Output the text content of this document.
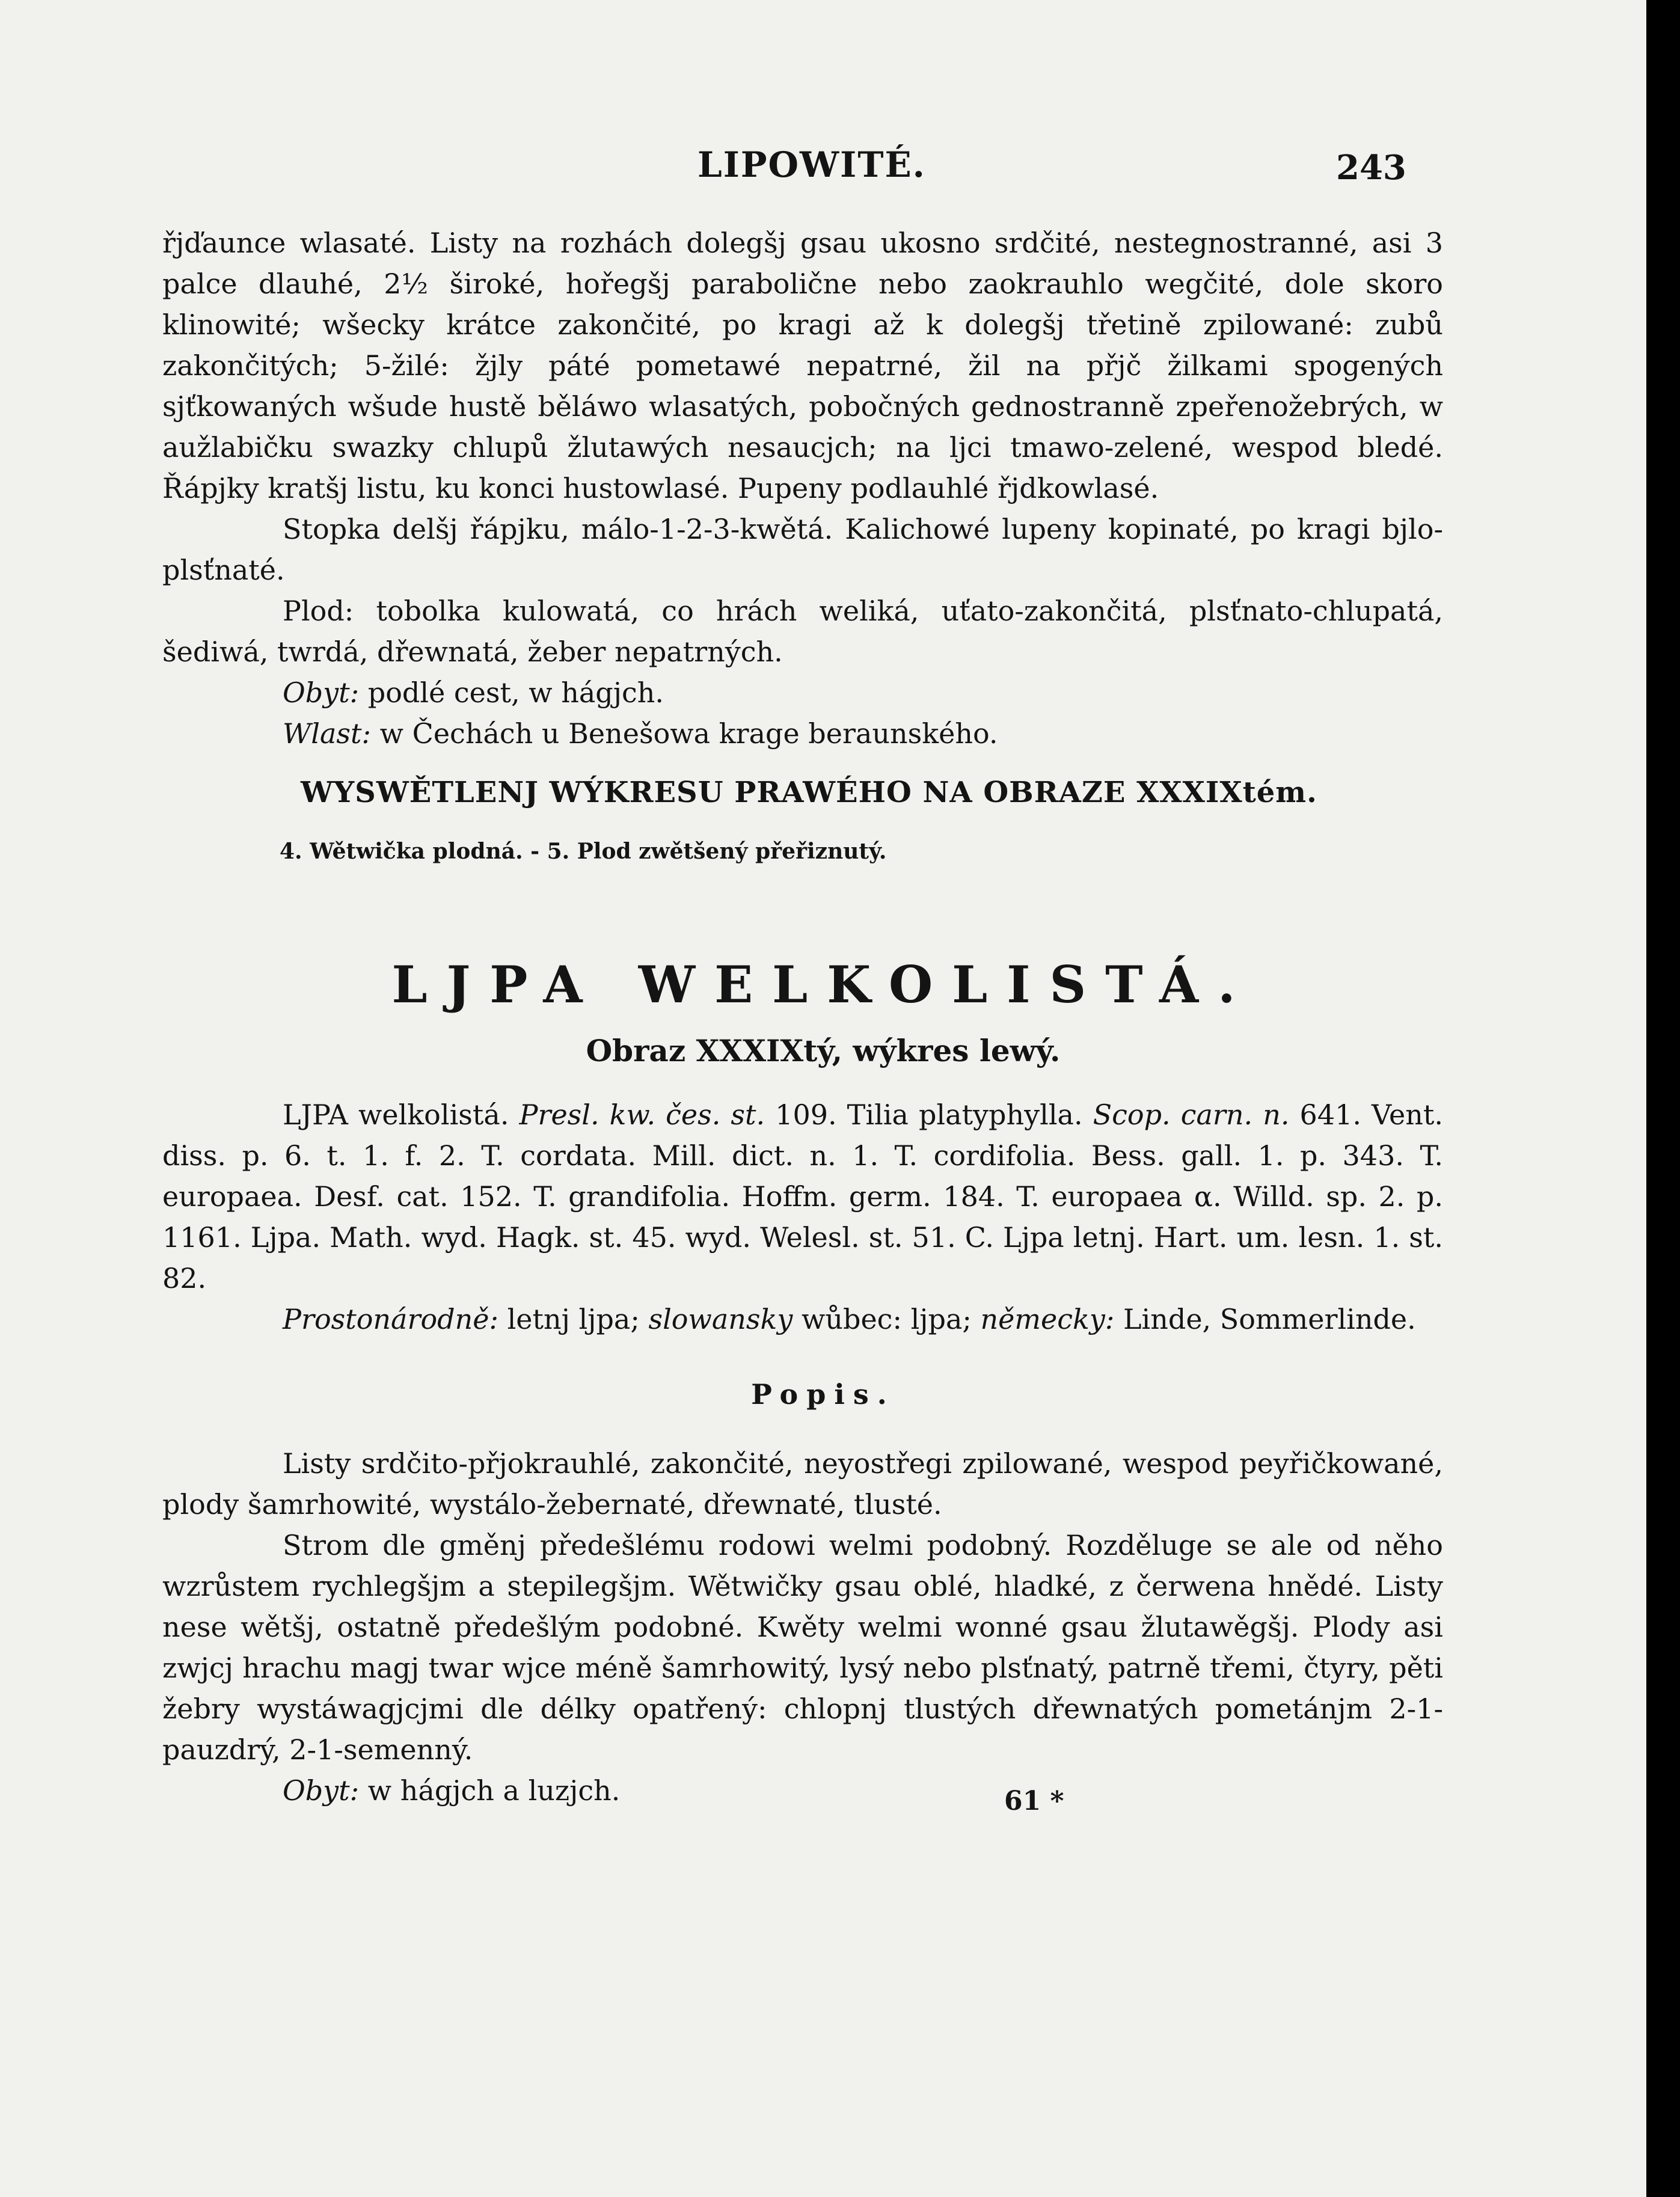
LIPOWITÉ.	243

řjďaunce wlasaté. Listy na rozhách dolegšj gsau ukosno srdčité, nestegnostranné, asi 3 palce dlauhé, 2½ široké, hořegšj parabolične nebo zaokrauhlo wegčité, dole skoro klinowité; wšecky krátce zakončité, po kragi až k dolegšj třetině zpilowané: zubů zakončitých; 5-žilé: žjly páté pometawé nepatrné, žil na přjč žilkami spogených sjťkowaných wšude hustě běláwo wlasatých, pobočných gednostranně zpeřenožebrých, w aužlabičku swazky chlupů žlutawých nesaucjch; na ljci tmawo-zelené, wespod bledé. Řápjky kratšj listu, ku konci hustowlasé. Pupeny podlauhlé řjdkowlasé.

Stopka delšj řápjku, málo-1-2-3-kwětá. Kalichowé lupeny kopinaté, po kragi bjlo-plsťnaté.

Plod: tobolka kulowatá, co hrách weliká, uťato-zakončitá, plsťnato-chlupatá, šediwá, twrdá, dřewnatá, žeber nepatrných.

Obyt: podlé cest, w hágjch.

Wlast: w Čechách u Benešowa krage beraunského.

WYSWĚTLENJ WÝKRESU PRAWÉHO NA OBRAZE XXXIXtém.
4. Wětwička plodná. - 5. Plod zwětšený přeřiznutý.
LJPA WELKOLISTÁ.
Obraz XXXIXtý, wýkres lewý.

LJPA welkolistá. Presl. kw. čes. st. 109. Tilia platyphylla. Scop. carn. n. 641. Vent. diss. p. 6. t. 1. f. 2. T. cordata. Mill. dict. n. 1. T. cordifolia. Bess. gall. 1. p. 343. T. europaea. Desf. cat. 152. T. grandifolia. Hoffm. germ. 184. T. europaea α. Willd. sp. 2. p. 1161. Ljpa. Math. wyd. Hagk. st. 45. wyd. Welesl. st. 51. C. Ljpa letnj. Hart. um. lesn. 1. st. 82.

Prostonárodně: letnj ljpa; slowansky wůbec: ljpa; německy: Linde, Sommerlinde.

Popis.

Listy srdčito-přjokrauhlé, zakončité, neyostřegi zpilowané, wespod peyřičkowané, plody šamrhowité, wystálo-žebernaté, dřewnaté, tlusté.

Strom dle gměnj předešlému rodowi welmi podobný. Rozděluge se ale od něho wzrůstem rychlegšjm a stepilegšjm. Wětwičky gsau oblé, hladké, z čerwena hnědé. Listy nese wětšj, ostatně předešlým podobné. Kwěty welmi wonné gsau žlutawěgšj. Plody asi zwjcj hrachu magj twar wjce méně šamrhowitý, lysý nebo plsťnatý, patrně třemi, čtyry, pěti žebry wystáwagjcjmi dle délky opatřený: chlopnj tlustých dřewnatých pometánjm 2-1-pauzdrý, 2-1-semenný.

Obyt: w hágjch a luzjch.	61 *
